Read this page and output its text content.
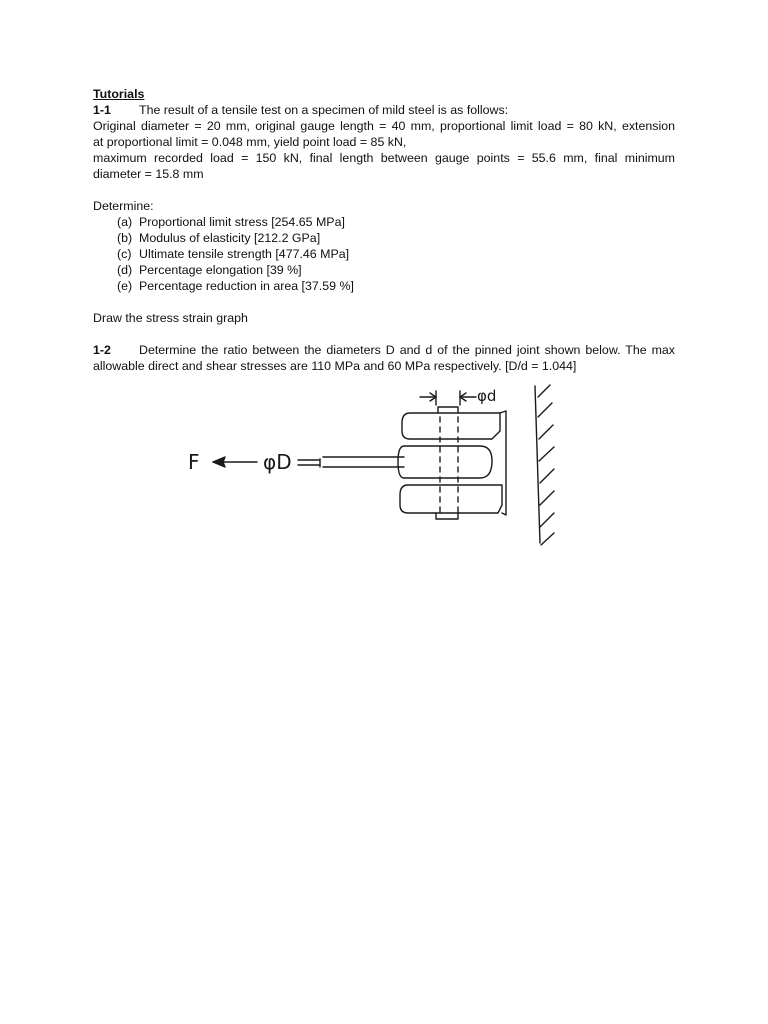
Tutorials

1-1	The result of a tensile test on a specimen of mild steel is as follows:
Original diameter = 20 mm, original gauge length = 40 mm, proportional limit load = 80 kN, extension
at proportional limit = 0.048 mm, yield point load = 85 kN,
maximum recorded load = 150 kN, final length between gauge points = 55.6 mm, final minimum
diameter = 15.8 mm
Determine:
(a) Proportional limit stress [254.65 MPa]
(b) Modulus of elasticity [212.2 GPa]
(c) Ultimate tensile strength [477.46 MPa]
(d) Percentage elongation [39 %]
(e) Percentage reduction in area [37.59 %]
Draw the stress strain graph
1-2	Determine the ratio between the diameters D and d of the pinned joint shown below. The max
allowable direct and shear stresses are 110 MPa and 60 MPa respectively. [D/d = 1.044]
F	φD
φd
